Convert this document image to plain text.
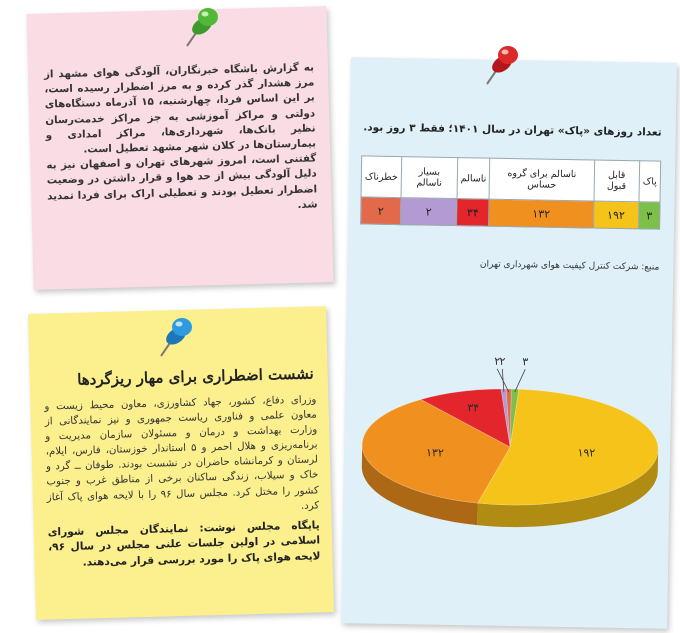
به گزارش باشگاه خبرنگاران، آلودگی هوای مشهد از مرز هشدار گذر کرده و به مرز اضطرار رسیده است، بر این اساس فردا، چهارشنبه، ۱۵ آذرماه دستگاه‌های دولتی و مراکز آموزشی به جز مراکز خدمت‌رسان نظیر بانک‌ها، شهرداری‌ها، مراکز امدادی و بیمارستان‌ها در کلان شهر مشهد تعطیل است.

گفتنی است، امروز شهرهای تهران و اصفهان نیز به دلیل آلودگی بیش از حد هوا و قرار داشتن در وضعیت اضطرار تعطیل بودند و تعطیلی اراک برای فردا تمدید شد.

نشست اضطراری برای مهار ریزگردها

وزرای دفاع، کشور، جهاد کشاورزی، معاون محیط زیست و معاون علمی و فناوری ریاست جمهوری و نیز نمایندگانی از وزارت بهداشت و درمان و مسئولان سازمان مدیریت و برنامه‌ریزی و هلال احمر و ۵ استاندار خوزستان، فارس، ایلام، لرستان و کرمانشاه حاضران در نشست بودند. طوفان ــ گرد و خاک و سیلاب، زندگی ساکنان برخی از مناطق غرب و جنوب کشور را مختل کرد. مجلس سال ۹۶ را با لایحه هوای پاک آغاز کرد.

پایگاه مجلس نوشت: نمایندگان مجلس شورای اسلامی در اولین جلسات علنی مجلس در سال ۹۶، لایحه هوای پاک را مورد بررسی قرار می‌دهند.

تعداد روزهای «پاک» تهران در سال ۱۴۰۱؛ فقط ۳ روز بود.

پاک	قابل قبول	ناسالم برای گروه حساس	ناسالم	بسیار ناسالم	خطرناک
۳	۱۹۲	۱۳۲	۳۴	۲	۲

منبع: شرکت کنترل کیفیت هوای شهرداری تهران

۳
۱۹۲
۱۳۲
۳۴
۲
۲
